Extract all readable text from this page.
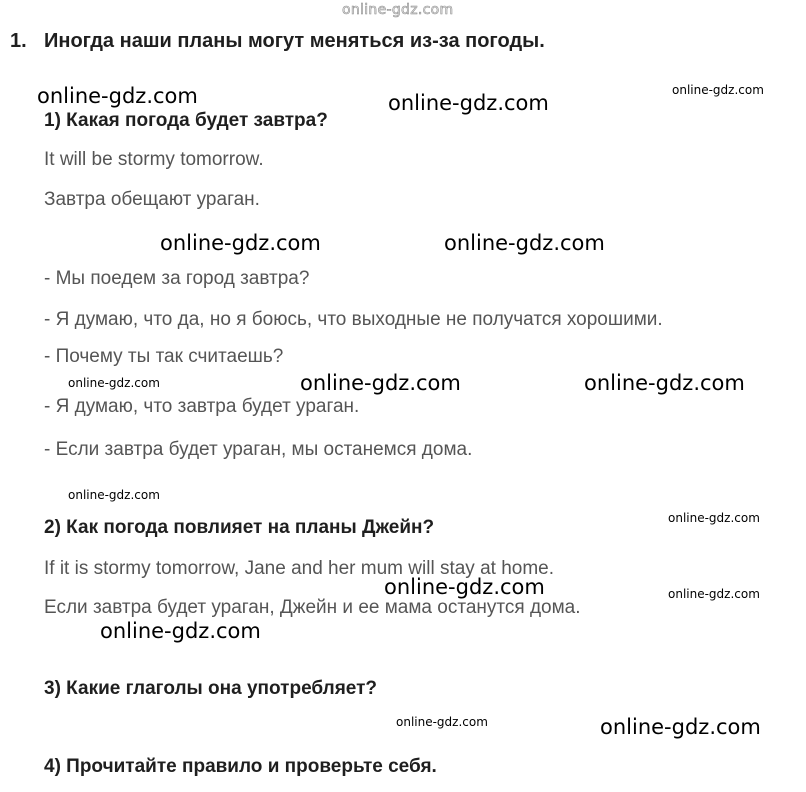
online-gdz.com
1. Иногда наши планы могут меняться из-за погоды.
1) Какая погода будет завтра?
It will be stormy tomorrow.
Завтра обещают ураган.
- Мы поедем за город завтра?
- Я думаю, что да, но я боюсь, что выходные не получатся хорошими.
- Почему ты так считаешь?
- Я думаю, что завтра будет ураган.
- Если завтра будет ураган, мы останемся дома.
2) Как погода повлияет на планы Джейн?
If it is stormy tomorrow, Jane and her mum will stay at home.
Если завтра будет ураган, Джейн и ее мама останутся дома.
3) Какие глаголы она употребляет?
4) Прочитайте правило и проверьте себя.
online-gdz.com	online-gdz.com
online-gdz.com
online-gdz.com	online-gdz.com
online-gdz.com	online-gdz.com	online-gdz.com
online-gdz.com
online-gdz.com
online-gdz.com	online-gdz.com
online-gdz.com
online-gdz.com	online-gdz.com
